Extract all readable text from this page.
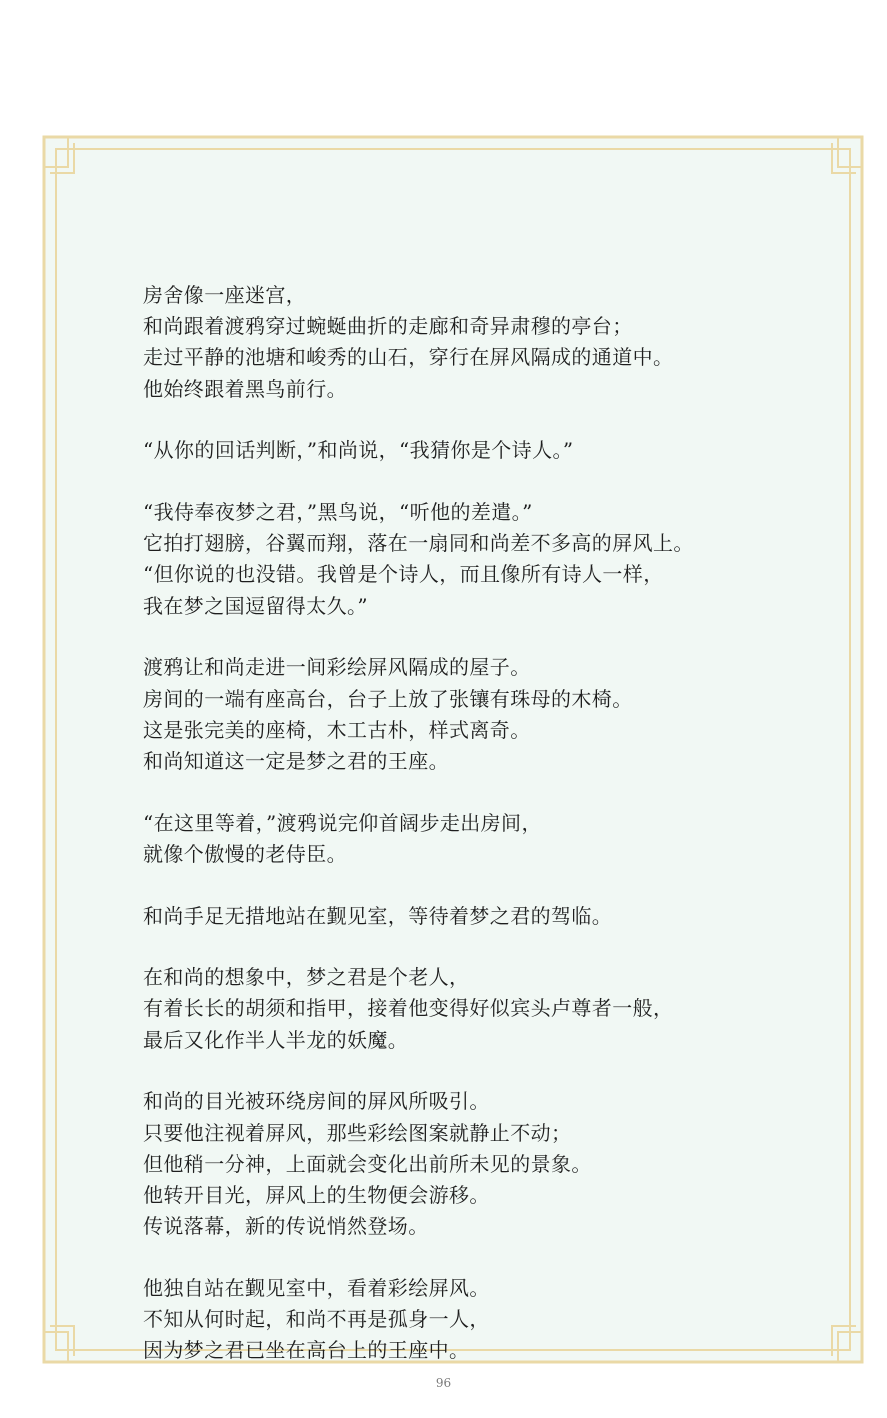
房舍像一座迷宫，
和尚跟着渡鸦穿过蜿蜒曲折的走廊和奇异肃穆的亭台；
走过平静的池塘和峻秀的山石，穿行在屏风隔成的通道中。
他始终跟着黑鸟前行。
“从你的回话判断，”和尚说，“我猜你是个诗人。”
“我侍奉夜梦之君，”黑鸟说，“听他的差遣。”
它拍打翅膀，谷翼而翔，落在一扇同和尚差不多高的屏风上。
“但你说的也没错。我曾是个诗人，而且像所有诗人一样，
我在梦之国逗留得太久。”
渡鸦让和尚走进一间彩绘屏风隔成的屋子。
房间的一端有座高台，台子上放了张镶有珠母的木椅。
这是张完美的座椅，木工古朴，样式离奇。
和尚知道这一定是梦之君的王座。
“在这里等着，”渡鸦说完仰首阔步走出房间，
就像个傲慢的老侍臣。
和尚手足无措地站在觐见室，等待着梦之君的驾临。
在和尚的想象中，梦之君是个老人，
有着长长的胡须和指甲，接着他变得好似宾头卢尊者一般，
最后又化作半人半龙的妖魔。
和尚的目光被环绕房间的屏风所吸引。
只要他注视着屏风，那些彩绘图案就静止不动；
但他稍一分神，上面就会变化出前所未见的景象。
他转开目光，屏风上的生物便会游移。
传说落幕，新的传说悄然登场。
他独自站在觐见室中，看着彩绘屏风。
不知从何时起，和尚不再是孤身一人，
因为梦之君已坐在高台上的王座中。
96
